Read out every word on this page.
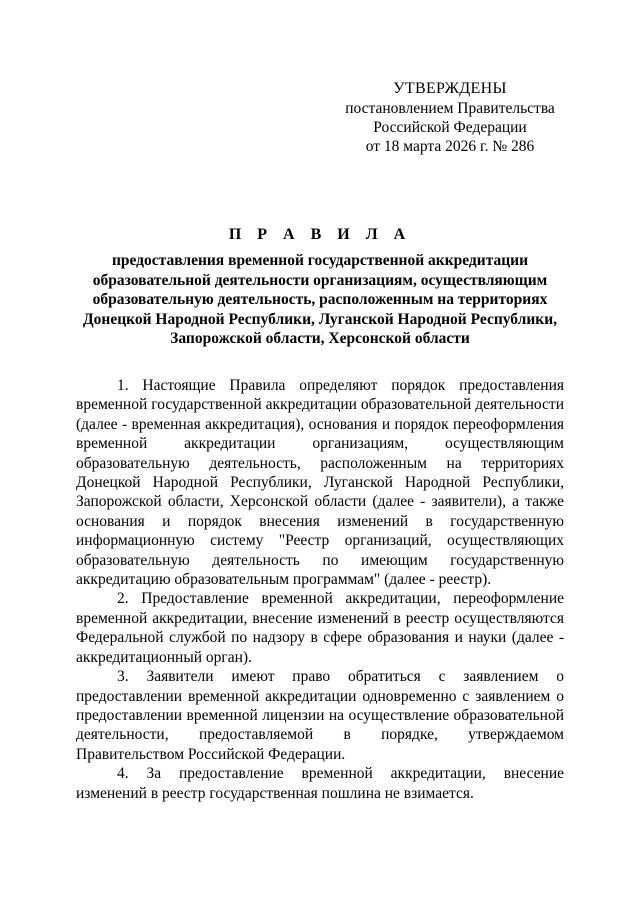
УТВЕРЖДЕНЫ
постановлением Правительства
Российской Федерации
от 18 марта 2026 г. № 286
П Р А В И Л А
предоставления временной государственной аккредитации
образовательной деятельности организациям, осуществляющим
образовательную деятельность, расположенным на территориях
Донецкой Народной Республики, Луганской Народной Республики,
Запорожской области, Херсонской области

1. Настоящие Правила определяют порядок предоставления временной государственной аккредитации образовательной деятельности (далее - временная аккредитация), основания и порядок переоформления временной аккредитации организациям, осуществляющим образовательную деятельность, расположенным на территориях Донецкой Народной Республики, Луганской Народной Республики, Запорожской области, Херсонской области (далее - заявители), а также основания и порядок внесения изменений в государственную информационную систему "Реестр организаций, осуществляющих образовательную деятельность по имеющим государственную аккредитацию образовательным программам" (далее - реестр).

2. Предоставление временной аккредитации, переоформление временной аккредитации, внесение изменений в реестр осуществляются Федеральной службой по надзору в сфере образования и науки (далее - аккредитационный орган).

3. Заявители имеют право обратиться с заявлением о предоставлении временной аккредитации одновременно с заявлением о предоставлении временной лицензии на осуществление образовательной деятельности, предоставляемой в порядке, утверждаемом Правительством Российской Федерации.

4. За предоставление временной аккредитации, внесение изменений в реестр государственная пошлина не взимается.
